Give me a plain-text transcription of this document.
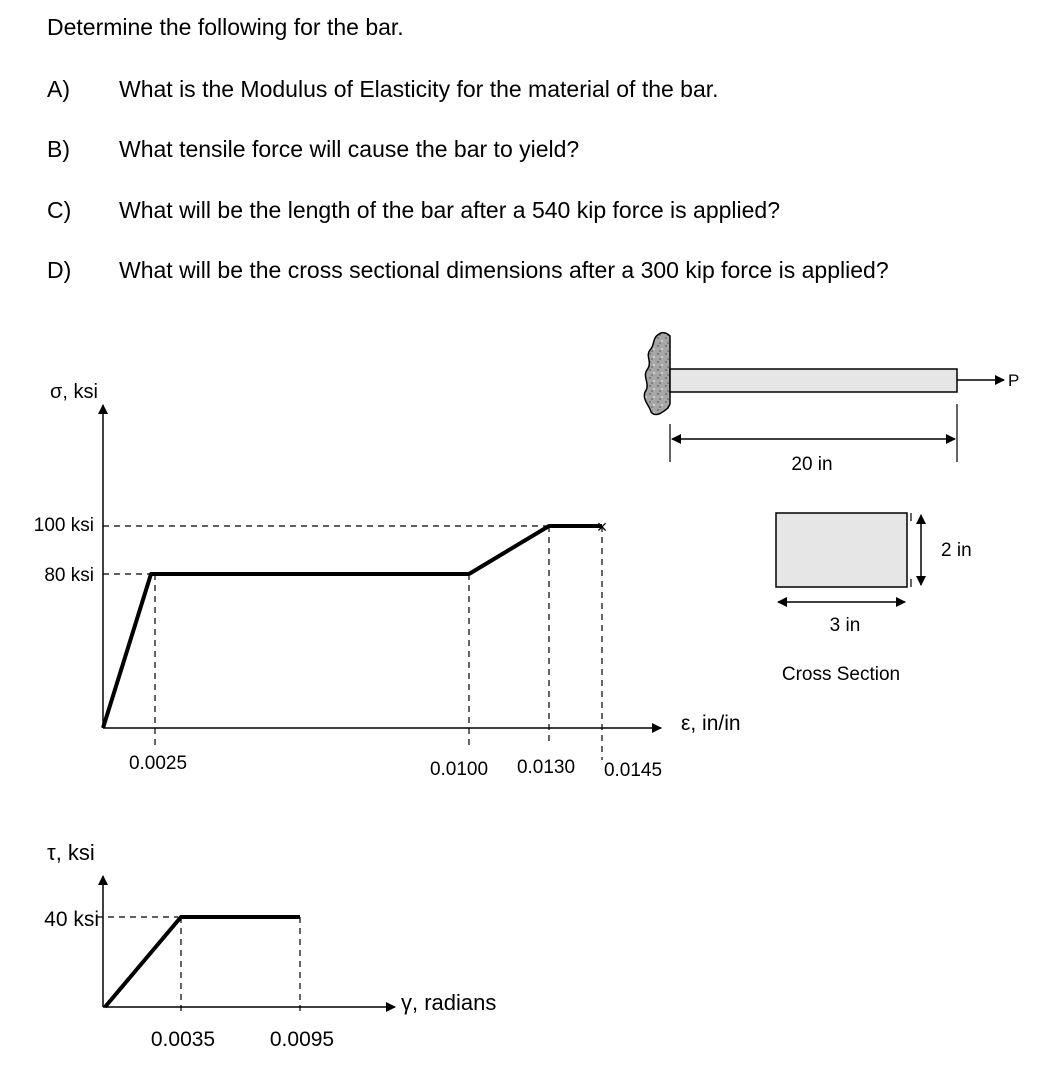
Determine the following for the bar.
A) What is the Modulus of Elasticity for the material of the bar.
B) What tensile force will cause the bar to yield?
C) What will be the length of the bar after a 540 kip force is applied?
D) What will be the cross sectional dimensions after a 300 kip force is applied?
σ, ksi
ε, in/in
100 ksi
80 ksi
×
0.0025	0.0100 0.0130 0.0145
τ, ksi
γ, radians
40 ksi
0.0035	0.0095
P
20 in
2 in
3 in
Cross Section
